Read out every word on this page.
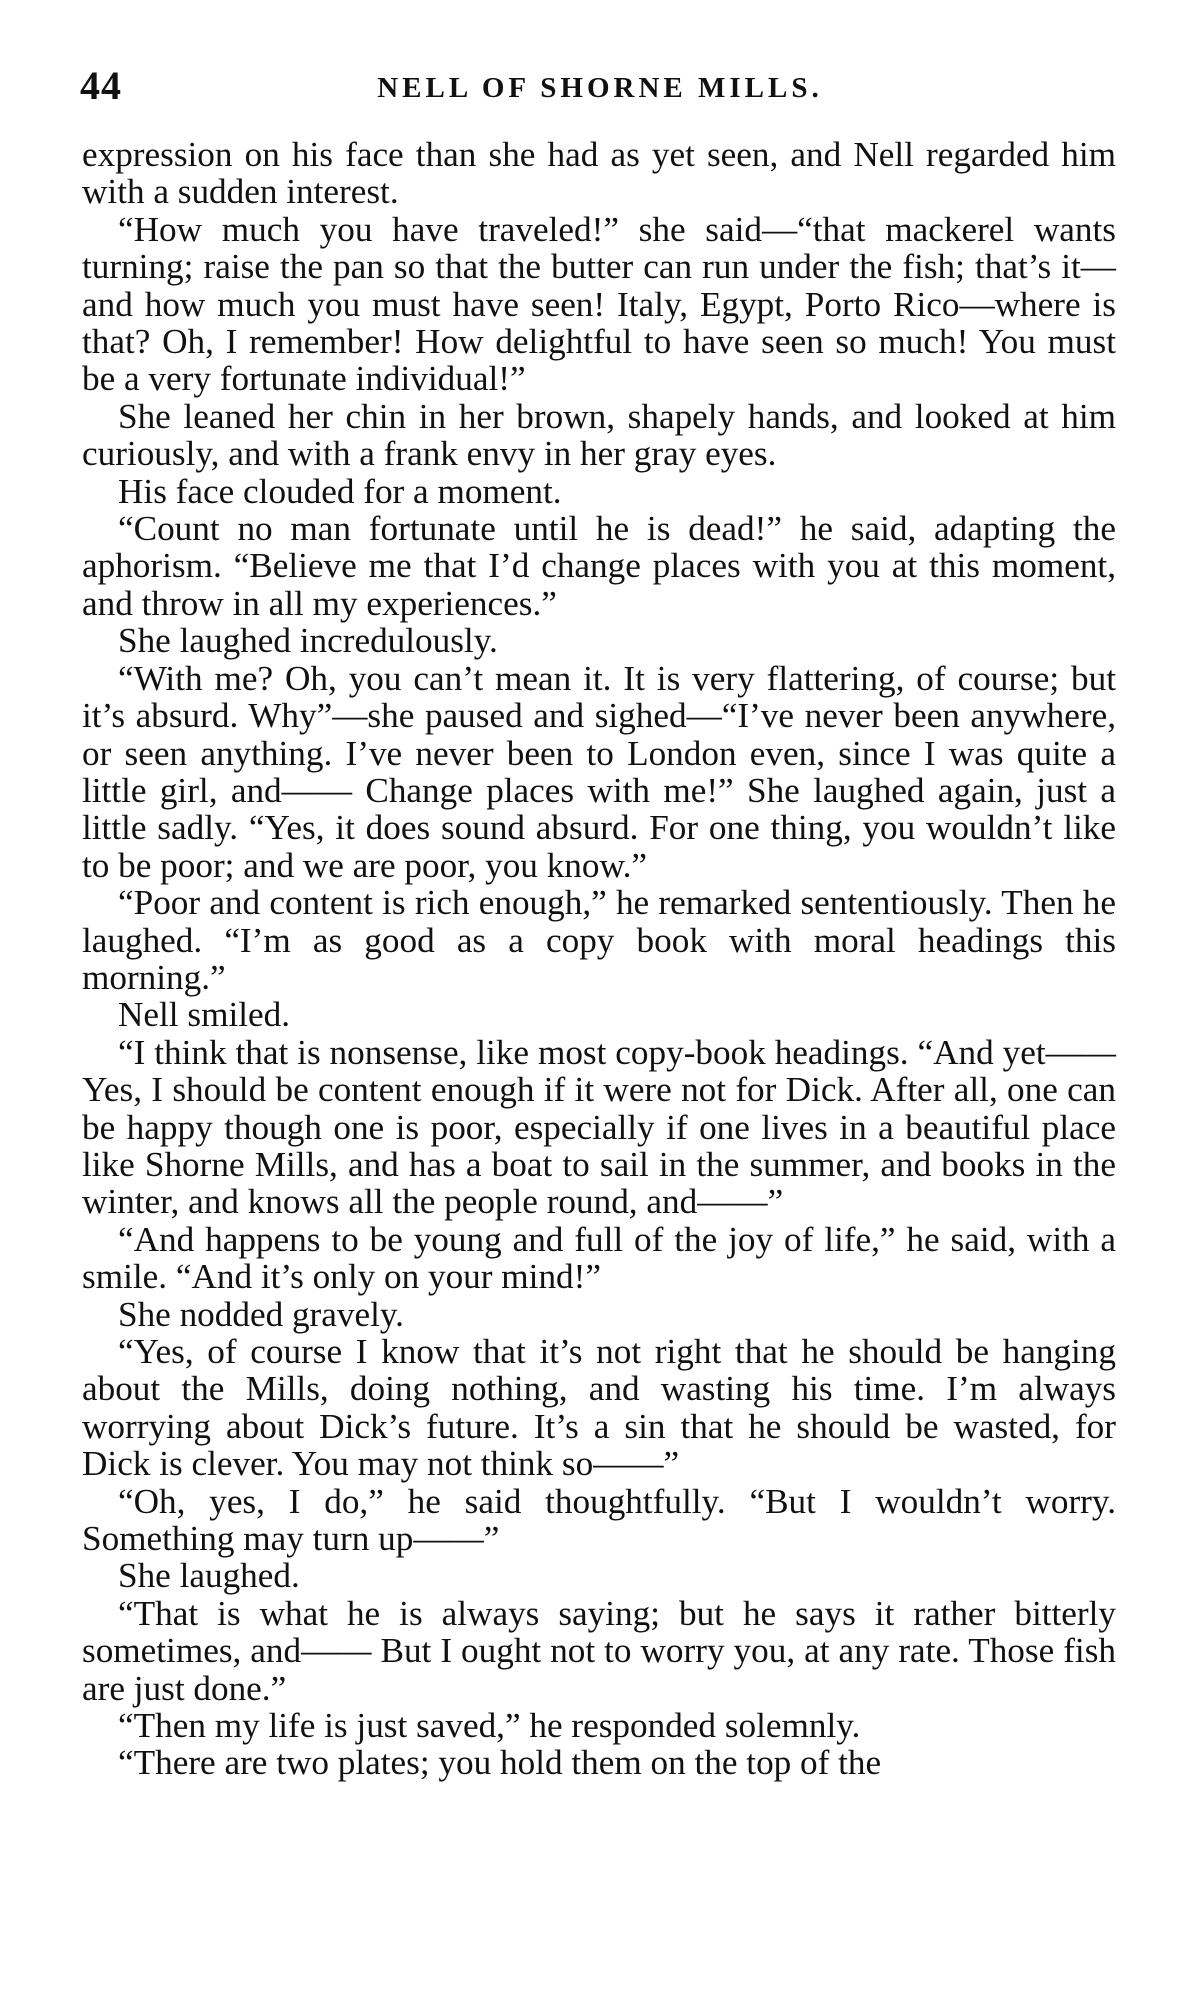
44	NELL OF SHORNE MILLS.

expression on his face than she had as yet seen, and Nell regarded him with a sudden interest.

“How much you have traveled!” she said—“that mackerel wants turning; raise the pan so that the butter can run under the fish; that’s it—and how much you must have seen! Italy, Egypt, Porto Rico—where is that? Oh, I remember! How delightful to have seen so much! You must be a very fortunate individual!”

She leaned her chin in her brown, shapely hands, and looked at him curiously, and with a frank envy in her gray eyes.

His face clouded for a moment.

“Count no man fortunate until he is dead!” he said, adapting the aphorism. “Believe me that I’d change places with you at this moment, and throw in all my experiences.”

She laughed incredulously.

“With me? Oh, you can’t mean it. It is very flattering, of course; but it’s absurd. Why”—she paused and sighed—“I’ve never been anywhere, or seen anything. I’ve never been to London even, since I was quite a little girl, and—— Change places with me!” She laughed again, just a little sadly. “Yes, it does sound absurd. For one thing, you wouldn’t like to be poor; and we are poor, you know.”

“Poor and content is rich enough,” he remarked sententiously. Then he laughed. “I’m as good as a copy book with moral headings this morning.”

Nell smiled.

“I think that is nonsense, like most copy-book headings. “And yet—— Yes, I should be content enough if it were not for Dick. After all, one can be happy though one is poor, especially if one lives in a beautiful place like Shorne Mills, and has a boat to sail in the summer, and books in the winter, and knows all the people round, and——”

“And happens to be young and full of the joy of life,” he said, with a smile. “And it’s only on your mind!”

She nodded gravely.

“Yes, of course I know that it’s not right that he should be hanging about the Mills, doing nothing, and wasting his time. I’m always worrying about Dick’s future. It’s a sin that he should be wasted, for Dick is clever. You may not think so——”

“Oh, yes, I do,” he said thoughtfully. “But I wouldn’t worry. Something may turn up——”

She laughed.

“That is what he is always saying; but he says it rather bitterly sometimes, and—— But I ought not to worry you, at any rate. Those fish are just done.”

“Then my life is just saved,” he responded solemnly.

“There are two plates; you hold them on the top of the
